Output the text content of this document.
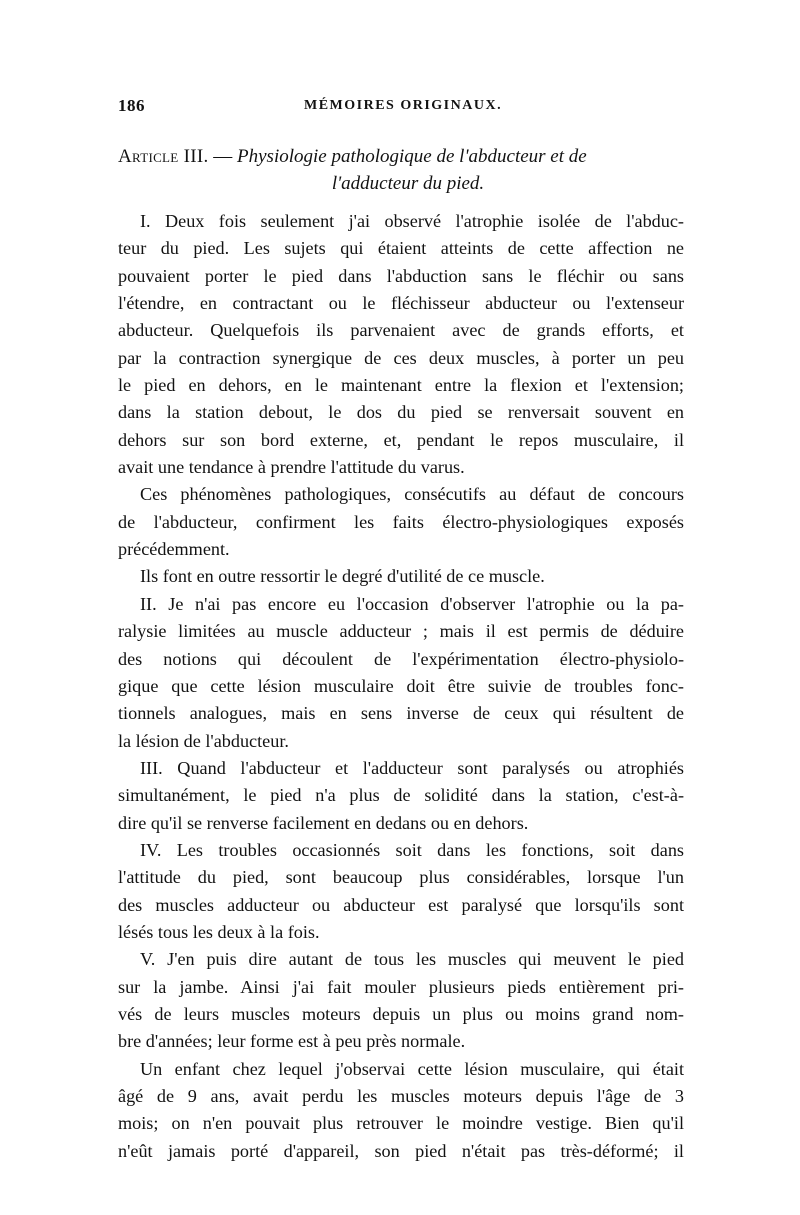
186	MÉMOIRES ORIGINAUX.
Article III. — Physiologie pathologique de l'abducteur et de
l'adducteur du pied.
I. Deux fois seulement j'ai observé l'atrophie isolée de l'abduc-
teur du pied. Les sujets qui étaient atteints de cette affection ne
pouvaient porter le pied dans l'abduction sans le fléchir ou sans
l'étendre, en contractant ou le fléchisseur abducteur ou l'extenseur
abducteur. Quelquefois ils parvenaient avec de grands efforts, et
par la contraction synergique de ces deux muscles, à porter un peu
le pied en dehors, en le maintenant entre la flexion et l'extension;
dans la station debout, le dos du pied se renversait souvent en
dehors sur son bord externe, et, pendant le repos musculaire, il
avait une tendance à prendre l'attitude du varus.
Ces phénomènes pathologiques, consécutifs au défaut de concours
de l'abducteur, confirment les faits électro-physiologiques exposés
précédemment.
Ils font en outre ressortir le degré d'utilité de ce muscle.
II. Je n'ai pas encore eu l'occasion d'observer l'atrophie ou la pa-
ralysie limitées au muscle adducteur ; mais il est permis de déduire
des notions qui découlent de l'expérimentation électro-physiolo-
gique que cette lésion musculaire doit être suivie de troubles fonc-
tionnels analogues, mais en sens inverse de ceux qui résultent de
la lésion de l'abducteur.
III. Quand l'abducteur et l'adducteur sont paralysés ou atrophiés
simultanément, le pied n'a plus de solidité dans la station, c'est-à-
dire qu'il se renverse facilement en dedans ou en dehors.
IV. Les troubles occasionnés soit dans les fonctions, soit dans
l'attitude du pied, sont beaucoup plus considérables, lorsque l'un
des muscles adducteur ou abducteur est paralysé que lorsqu'ils sont
lésés tous les deux à la fois.
V. J'en puis dire autant de tous les muscles qui meuvent le pied
sur la jambe. Ainsi j'ai fait mouler plusieurs pieds entièrement pri-
vés de leurs muscles moteurs depuis un plus ou moins grand nom-
bre d'années; leur forme est à peu près normale.
Un enfant chez lequel j'observai cette lésion musculaire, qui était
âgé de 9 ans, avait perdu les muscles moteurs depuis l'âge de 3
mois; on n'en pouvait plus retrouver le moindre vestige. Bien qu'il
n'eût jamais porté d'appareil, son pied n'était pas très-déformé; il
